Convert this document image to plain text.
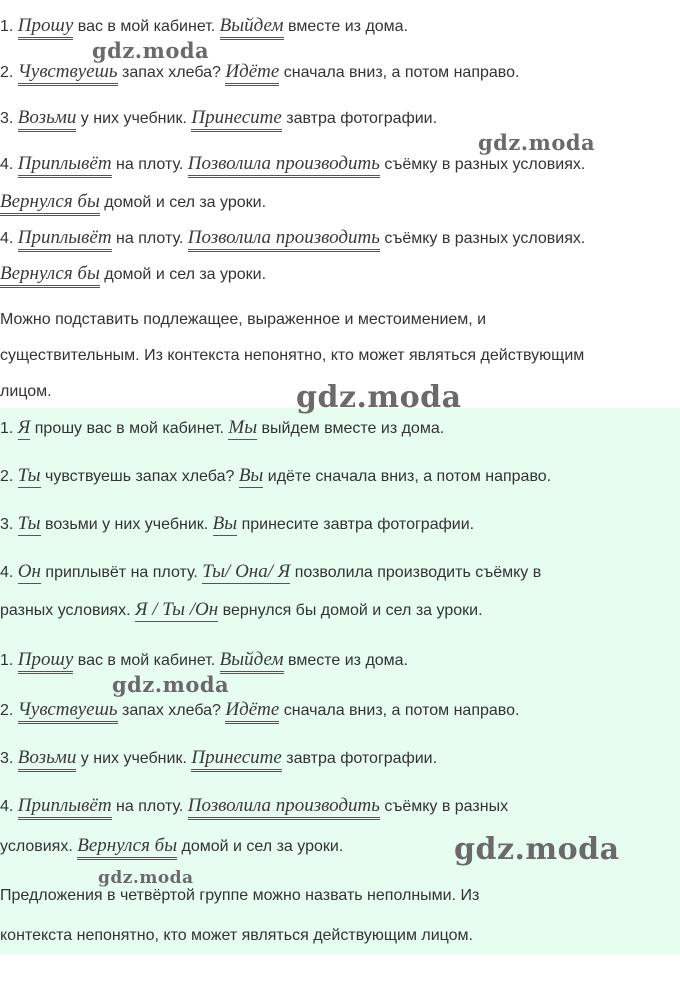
1. Прошу вас в мой кабинет. Выйдем вместе из дома.
2. Чувствуешь запах хлеба? Идёте сначала вниз, а потом направо.
3. Возьми у них учебник. Принесите завтра фотографии.
4. Приплывёт на плоту. Позволила производить съёмку в разных условиях.
Вернулся бы домой и сел за уроки.
4. Приплывёт на плоту. Позволила производить съёмку в разных условиях.
Вернулся бы домой и сел за уроки.
Можно подставить подлежащее, выраженное и местоимением, и
существительным. Из контекста непонятно, кто может являться действующим
лицом.
1. Я прошу вас в мой кабинет. Мы выйдем вместе из дома.
2. Ты чувствуешь запах хлеба? Вы идёте сначала вниз, а потом направо.
3. Ты возьми у них учебник. Вы принесите завтра фотографии.
4. Он приплывёт на плоту. Ты/ Она/ Я позволила производить съёмку в
разных условиях. Я / Ты /Он вернулся бы домой и сел за уроки.
1. Прошу вас в мой кабинет. Выйдем вместе из дома.
2. Чувствуешь запах хлеба? Идёте сначала вниз, а потом направо.
3. Возьми у них учебник. Принесите завтра фотографии.
4. Приплывёт на плоту. Позволила производить съёмку в разных
условиях. Вернулся бы домой и сел за уроки.
Предложения в четвёртой группе можно назвать неполными. Из
контекста непонятно, кто может являться действующим лицом.
gdz.moda
gdz.moda
gdz.moda
gdz.moda
gdz.moda
gdz.moda
